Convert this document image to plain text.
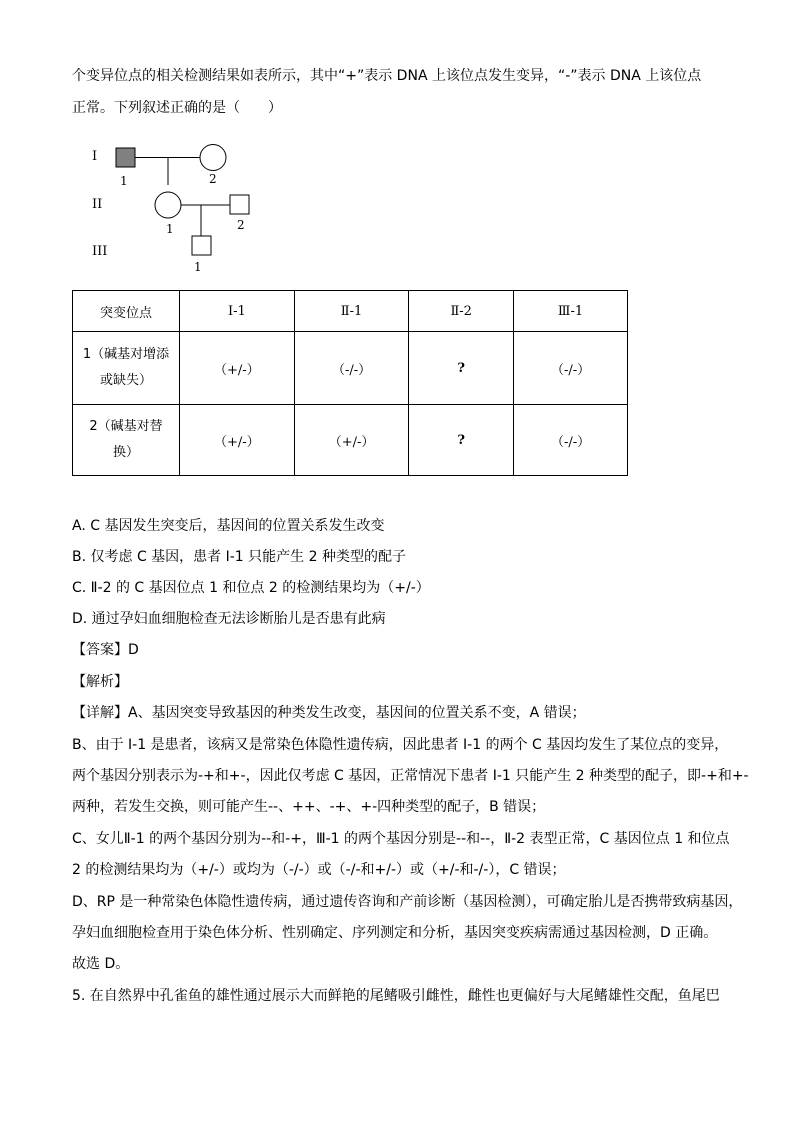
个变异位点的相关检测结果如表所示，其中“+”表示 DNA 上该位点发生变异，“-”表示 DNA 上该位点
正常。下列叙述正确的是（　　）
I
II
III
1	2
1	2
1
突变位点	I-1	Ⅱ-1	Ⅱ-2	Ⅲ-1

1（碱基对增添
或缺失）	（+/-）	（-/-）	?	（-/-）

2（碱基对替
换）	（+/-）	（+/-）	?	（-/-）
A. C 基因发生突变后，基因间的位置关系发生改变
B. 仅考虑 C 基因，患者 I-1 只能产生 2 种类型的配子
C. Ⅱ-2 的 C 基因位点 1 和位点 2 的检测结果均为（+/-）
D. 通过孕妇血细胞检查无法诊断胎儿是否患有此病
【答案】D
【解析】
【详解】A、基因突变导致基因的种类发生改变，基因间的位置关系不变，A 错误；
B、由于 I-1 是患者，该病又是常染色体隐性遗传病，因此患者 I-1 的两个 C 基因均发生了某位点的变异，
两个基因分别表示为-+和+-，因此仅考虑 C 基因，正常情况下患者 I-1 只能产生 2 种类型的配子，即-+和+-
两种，若发生交换，则可能产生--、++、-+、+-四种类型的配子，B 错误；
C、女儿Ⅱ-1 的两个基因分别为--和-+，Ⅲ-1 的两个基因分别是--和--，Ⅱ-2 表型正常，C 基因位点 1 和位点
2 的检测结果均为（+/-）或均为（-/-）或（-/-和+/-）或（+/-和-/-），C 错误；
D、RP 是一种常染色体隐性遗传病，通过遗传咨询和产前诊断（基因检测），可确定胎儿是否携带致病基因，
孕妇血细胞检查用于染色体分析、性别确定、序列测定和分析，基因突变疾病需通过基因检测，D 正确。
故选 D。
5. 在自然界中孔雀鱼的雄性通过展示大而鲜艳的尾鳍吸引雌性，雌性也更偏好与大尾鳍雄性交配，鱼尾巴
